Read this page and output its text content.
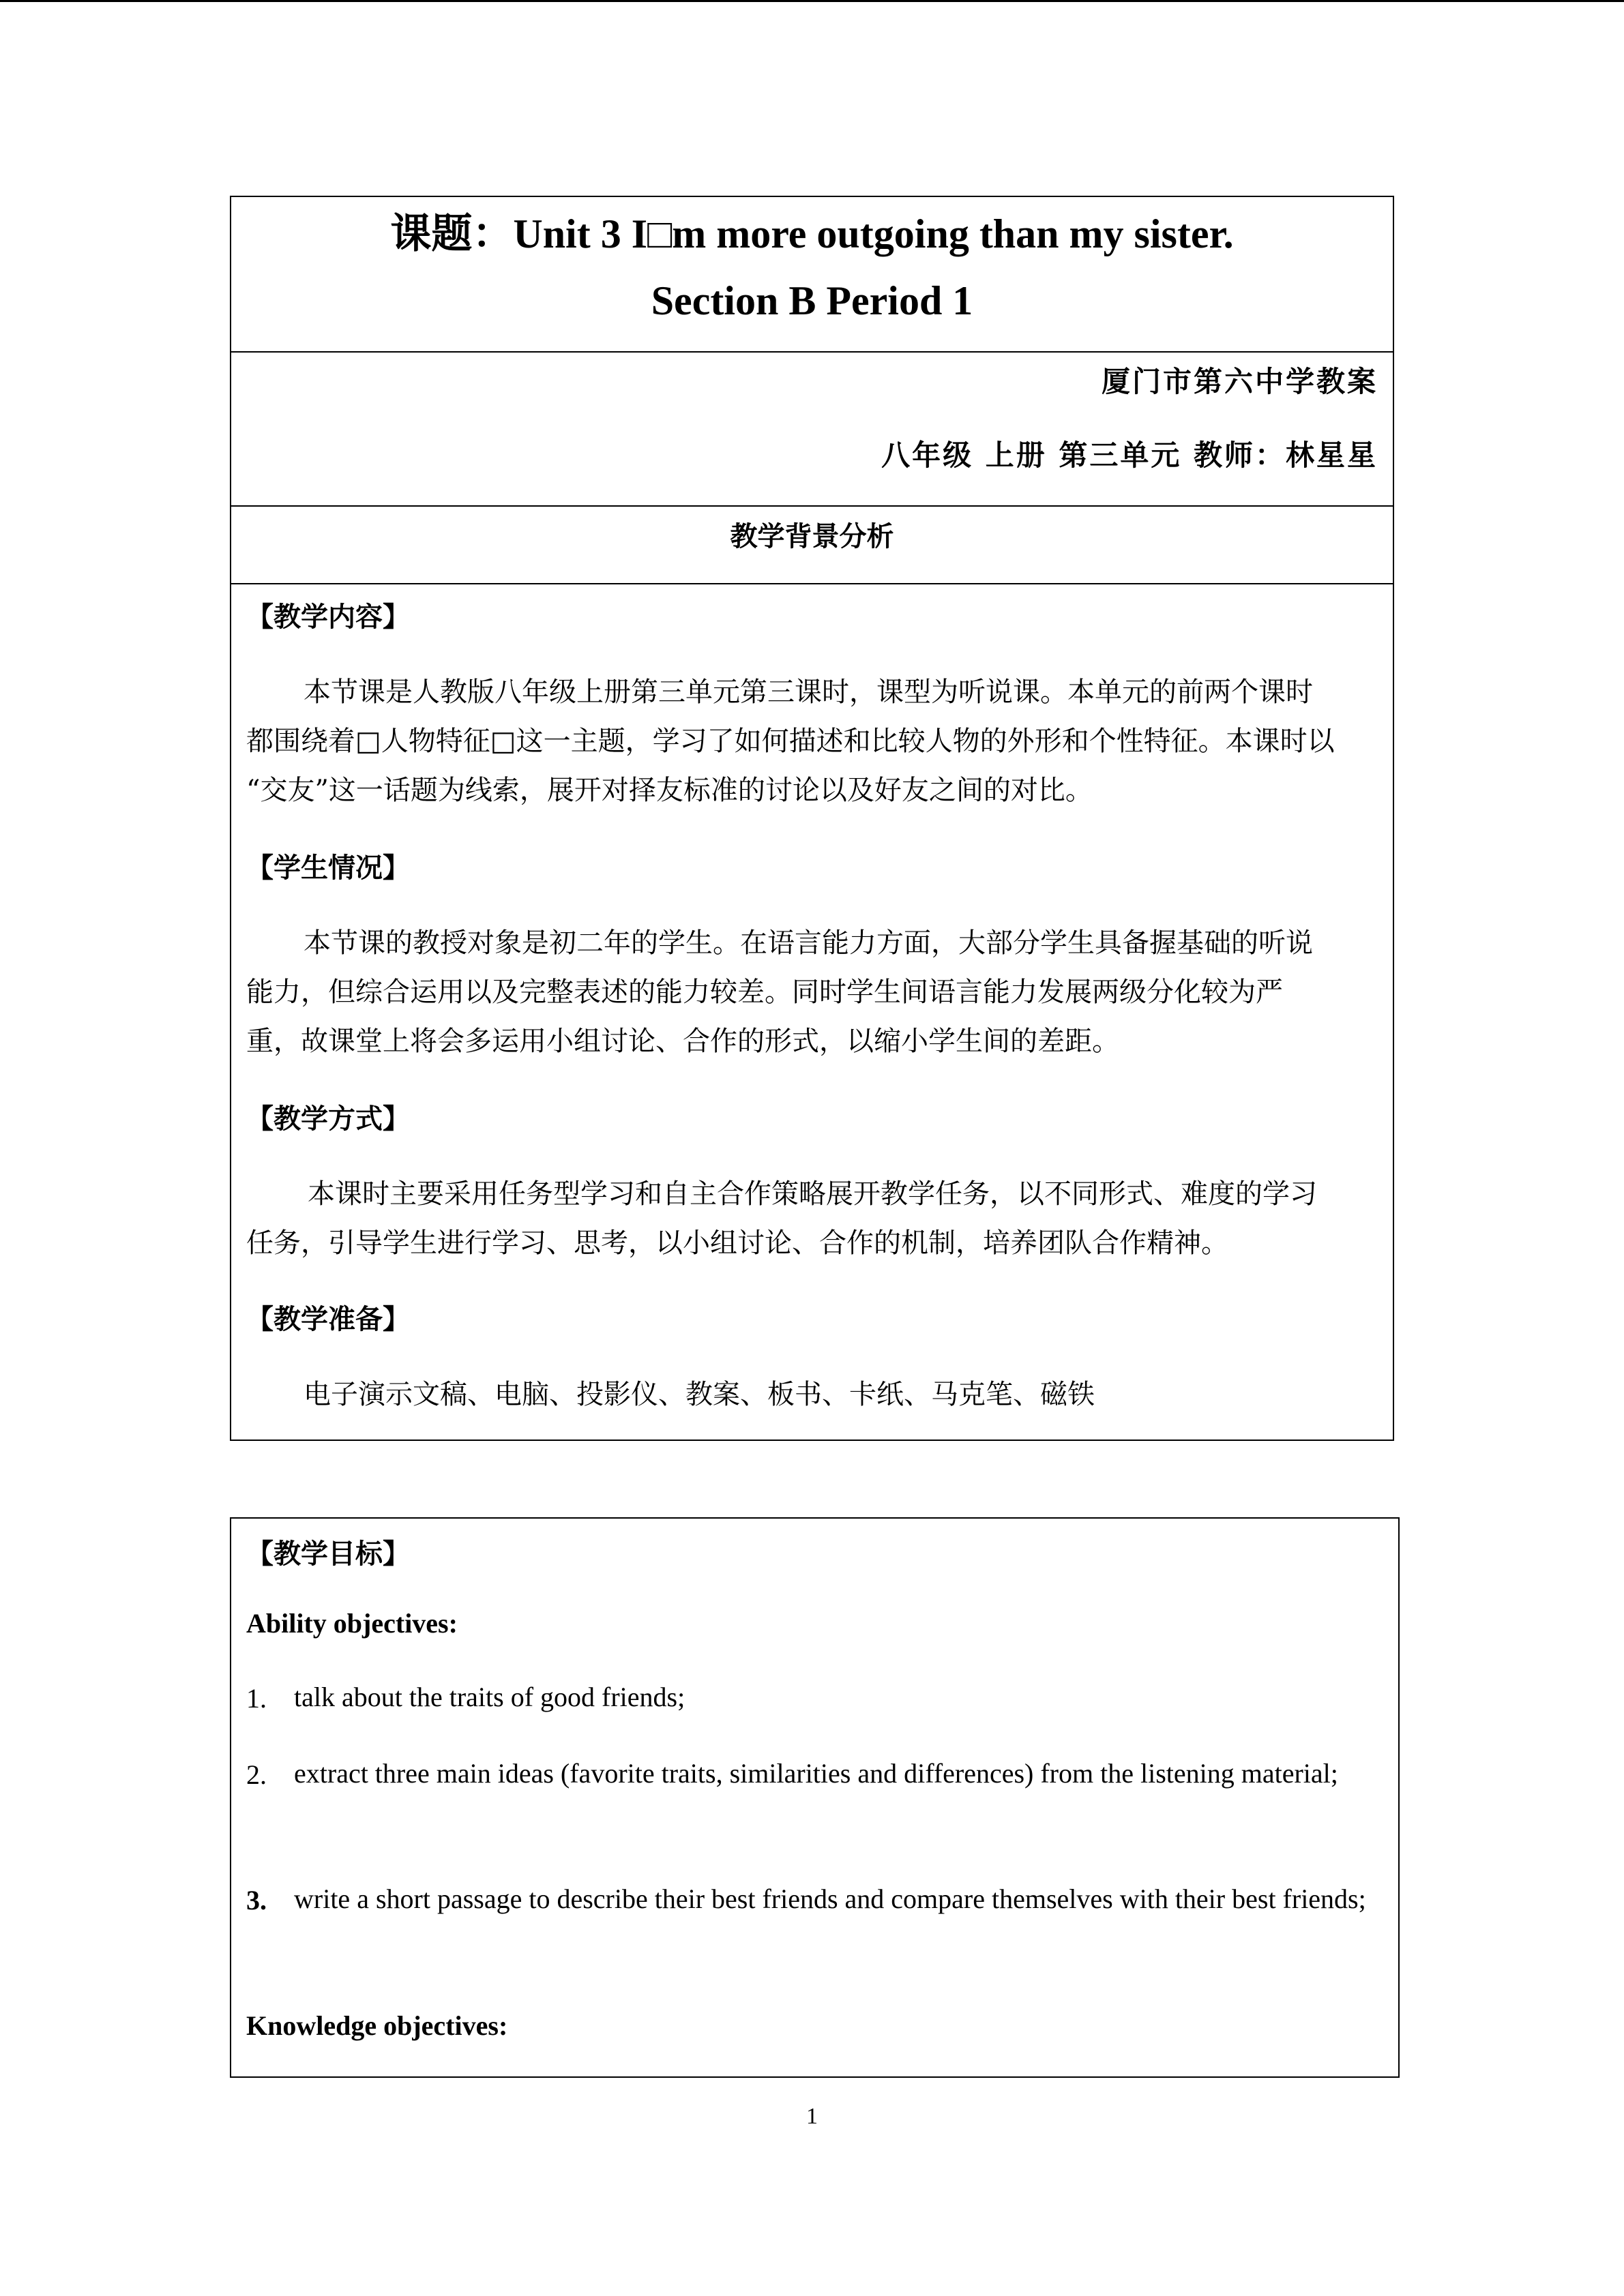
课题：Unit 3 I□m more outgoing than my sister.
Section B Period 1
厦门市第六中学教案
八年级 上册 第三单元 教师：林星星
教学背景分析
【教学内容】
本节课是人教版八年级上册第三单元第三课时，课型为听说课。本单元的前两个课时
都围绕着□人物特征□这一主题，学习了如何描述和比较人物的外形和个性特征。本课时以
“交友”这一话题为线索，展开对择友标准的讨论以及好友之间的对比。
【学生情况】
本节课的教授对象是初二年的学生。在语言能力方面，大部分学生具备握基础的听说
能力，但综合运用以及完整表述的能力较差。同时学生间语言能力发展两级分化较为严
重，故课堂上将会多运用小组讨论、合作的形式，以缩小学生间的差距。
【教学方式】
本课时主要采用任务型学习和自主合作策略展开教学任务，以不同形式、难度的学习
任务，引导学生进行学习、思考，以小组讨论、合作的机制，培养团队合作精神。
【教学准备】
电子演示文稿、电脑、投影仪、教案、板书、卡纸、马克笔、磁铁
【教学目标】
Ability objectives:
1. talk about the traits of good friends;
2. extract three main ideas (favorite traits, similarities and differences) from the listening material;
3. write a short passage to describe their best friends and compare themselves with their best friends;
Knowledge objectives:
1
